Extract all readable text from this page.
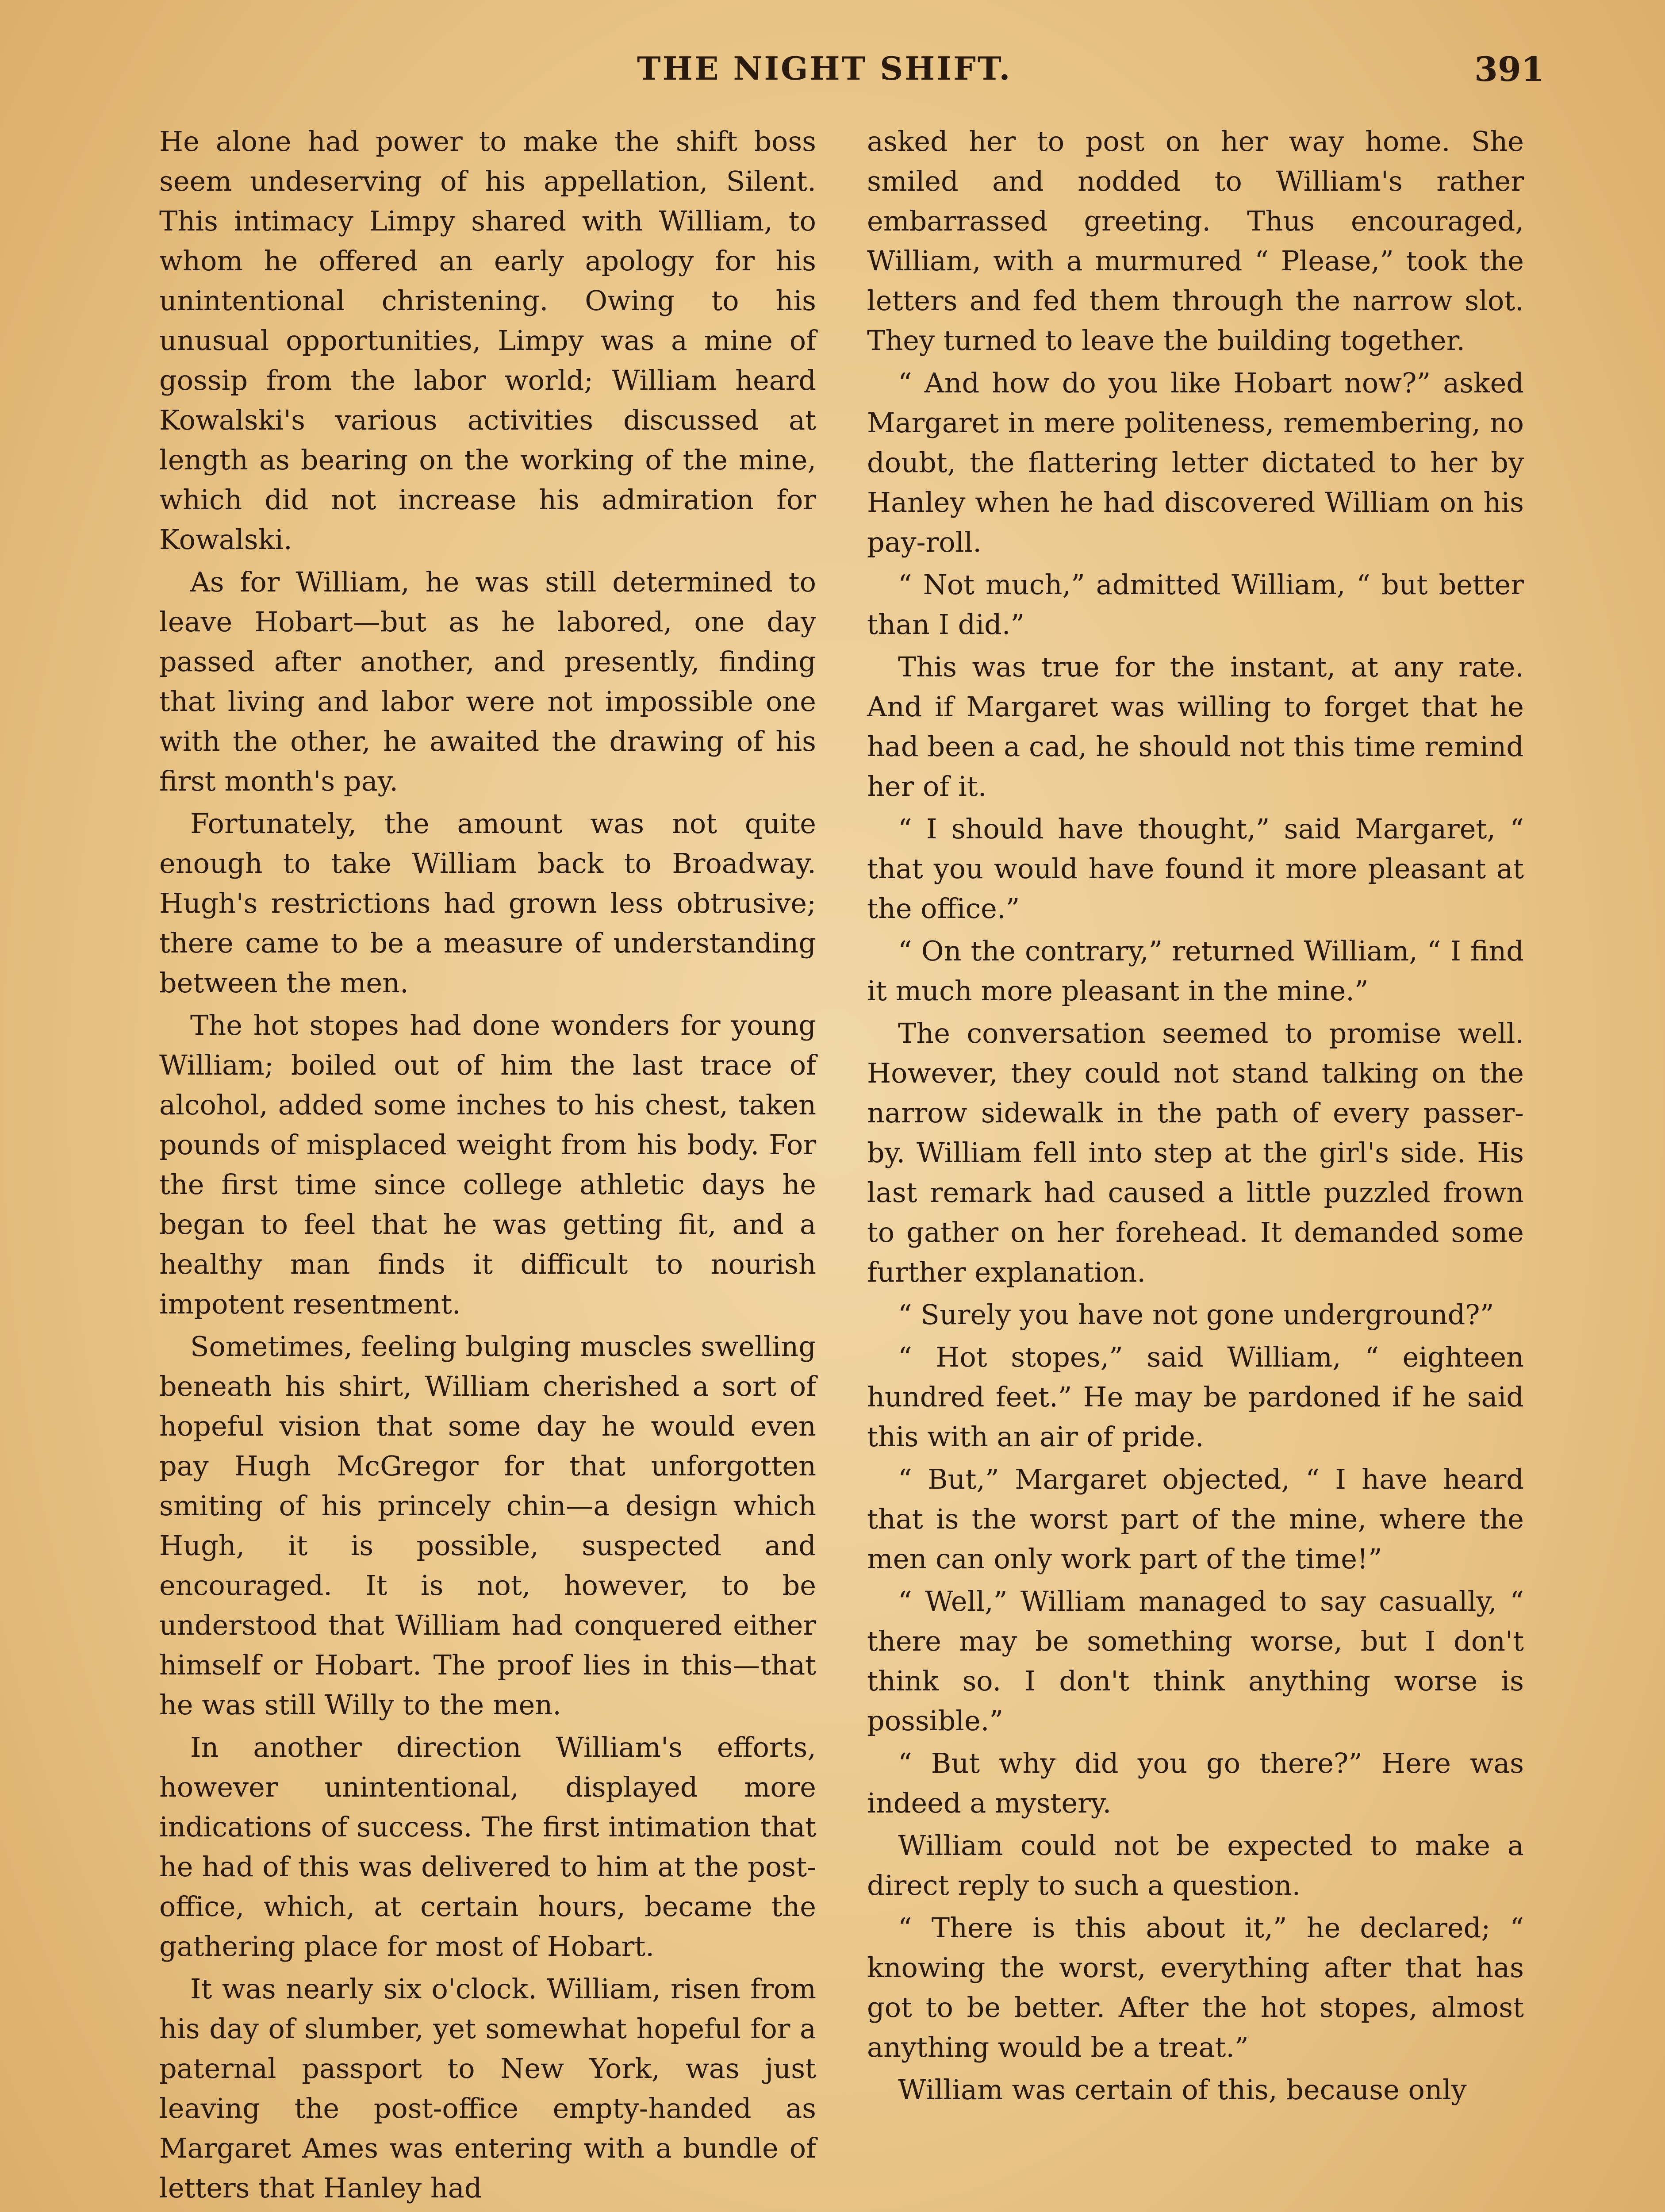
THE NIGHT SHIFT.	391

He alone had power to make the shift boss seem undeserving of his appellation, Silent. This intimacy Limpy shared with William, to whom he offered an early apology for his unintentional christening. Owing to his unusual opportunities, Limpy was a mine of gossip from the labor world; William heard Kowalski's various activities discussed at length as bearing on the working of the mine, which did not increase his admiration for Kowalski.

As for William, he was still determined to leave Hobart—but as he labored, one day passed after another, and presently, finding that living and labor were not impossible one with the other, he awaited the drawing of his first month's pay.

Fortunately, the amount was not quite enough to take William back to Broadway. Hugh's restrictions had grown less obtrusive; there came to be a measure of understanding between the men.

The hot stopes had done wonders for young William; boiled out of him the last trace of alcohol, added some inches to his chest, taken pounds of misplaced weight from his body. For the first time since college athletic days he began to feel that he was getting fit, and a healthy man finds it difficult to nourish impotent resentment.

Sometimes, feeling bulging muscles swelling beneath his shirt, William cherished a sort of hopeful vision that some day he would even pay Hugh McGregor for that unforgotten smiting of his princely chin—a design which Hugh, it is possible, suspected and encouraged. It is not, however, to be understood that William had conquered either himself or Hobart. The proof lies in this—that he was still Willy to the men.

In another direction William's efforts, however unintentional, displayed more indications of success. The first intimation that he had of this was delivered to him at the post-office, which, at certain hours, became the gathering place for most of Hobart.

It was nearly six o'clock. William, risen from his day of slumber, yet somewhat hopeful for a paternal passport to New York, was just leaving the post-office empty-handed as Margaret Ames was entering with a bundle of letters that Hanley had

asked her to post on her way home. She smiled and nodded to William's rather embarrassed greeting. Thus encouraged, William, with a murmured “ Please,” took the letters and fed them through the narrow slot. They turned to leave the building together.

“ And how do you like Hobart now?” asked Margaret in mere politeness, remembering, no doubt, the flattering letter dictated to her by Hanley when he had discovered William on his pay-roll.

“ Not much,” admitted William, “ but better than I did.”

This was true for the instant, at any rate. And if Margaret was willing to forget that he had been a cad, he should not this time remind her of it.

“ I should have thought,” said Margaret, “ that you would have found it more pleasant at the office.”

“ On the contrary,” returned William, “ I find it much more pleasant in the mine.”

The conversation seemed to promise well. However, they could not stand talking on the narrow sidewalk in the path of every passer-by. William fell into step at the girl's side. His last remark had caused a little puzzled frown to gather on her forehead. It demanded some further explanation.

“ Surely you have not gone underground?”

“ Hot stopes,” said William, “ eighteen hundred feet.” He may be pardoned if he said this with an air of pride.

“ But,” Margaret objected, “ I have heard that is the worst part of the mine, where the men can only work part of the time!”

“ Well,” William managed to say casually, “ there may be something worse, but I don't think so. I don't think anything worse is possible.”

“ But why did you go there?” Here was indeed a mystery.

William could not be expected to make a direct reply to such a question.

“ There is this about it,” he declared; “ knowing the worst, everything after that has got to be better. After the hot stopes, almost anything would be a treat.”

William was certain of this, because only
